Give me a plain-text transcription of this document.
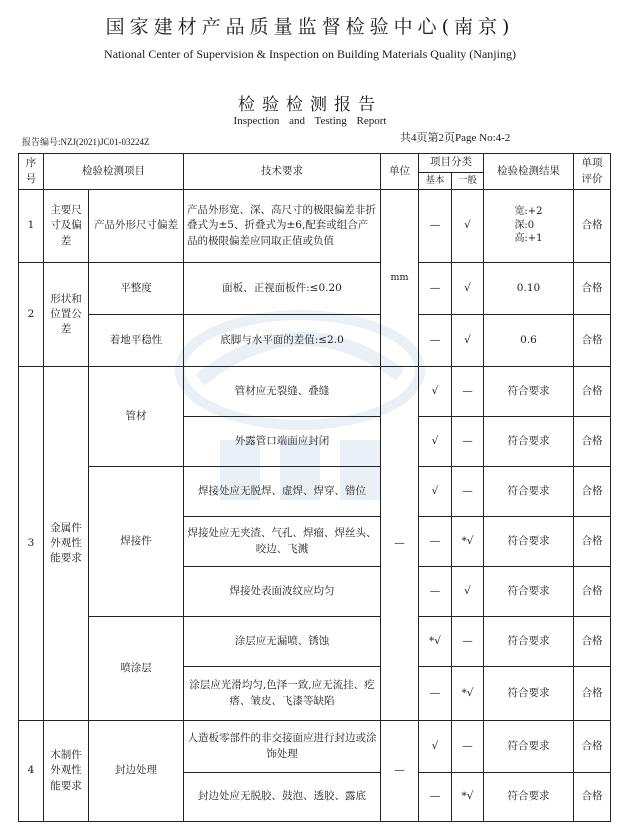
国家建材产品质量监督检验中心(南京)
National Center of Supervision & Inspection on Building Materials Quality (Nanjing)
检验检测报告
Inspection and Testing Report
报告编号:NZJ(2021)JC01-03224Z	共4页第2页Page No:4-2
序号	检验检测项目		技术要求	单位	项目分类		检验检测结果	单项评价
					基本	一般		
1	主要尺寸及偏差	产品外形尺寸偏差	产品外形宽、深、高尺寸的极限偏差非折叠式为±5、折叠式为±6,配套或组合产品的极限偏差应同取正值或负值	mm	—	√	宽:+2
深:0
高:+1	合格
2	形状和位置公差	平整度	面板、正视面板件:≤0.20		—	√	0.10	合格
		着地平稳性	底脚与水平面的差值:≤2.0		—	√	0.6	合格
3	金属件外观性能要求	管材	管材应无裂缝、叠缝	—	√	—	符合要求	合格
			外露管口端面应封闭		√	—	符合要求	合格
		焊接件	焊接处应无脱焊、虚焊、焊穿、错位		√	—	符合要求	合格
			焊接处应无夹渣、气孔、焊瘤、焊丝头、咬边、飞溅		—	*√	符合要求	合格
			焊接处表面波纹应均匀		—	√	符合要求	合格
		喷涂层	涂层应无漏喷、锈蚀		*√	—	符合要求	合格
			涂层应光滑均匀,色泽一致,应无流挂、疙瘩、皱皮、飞漆等缺陷		—	*√	符合要求	合格
4	木制件外观性能要求	封边处理	人造板零部件的非交接面应进行封边或涂饰处理	—	√	—	符合要求	合格
			封边处应无脱胶、鼓泡、透胶、露底		—	*√	符合要求	合格
